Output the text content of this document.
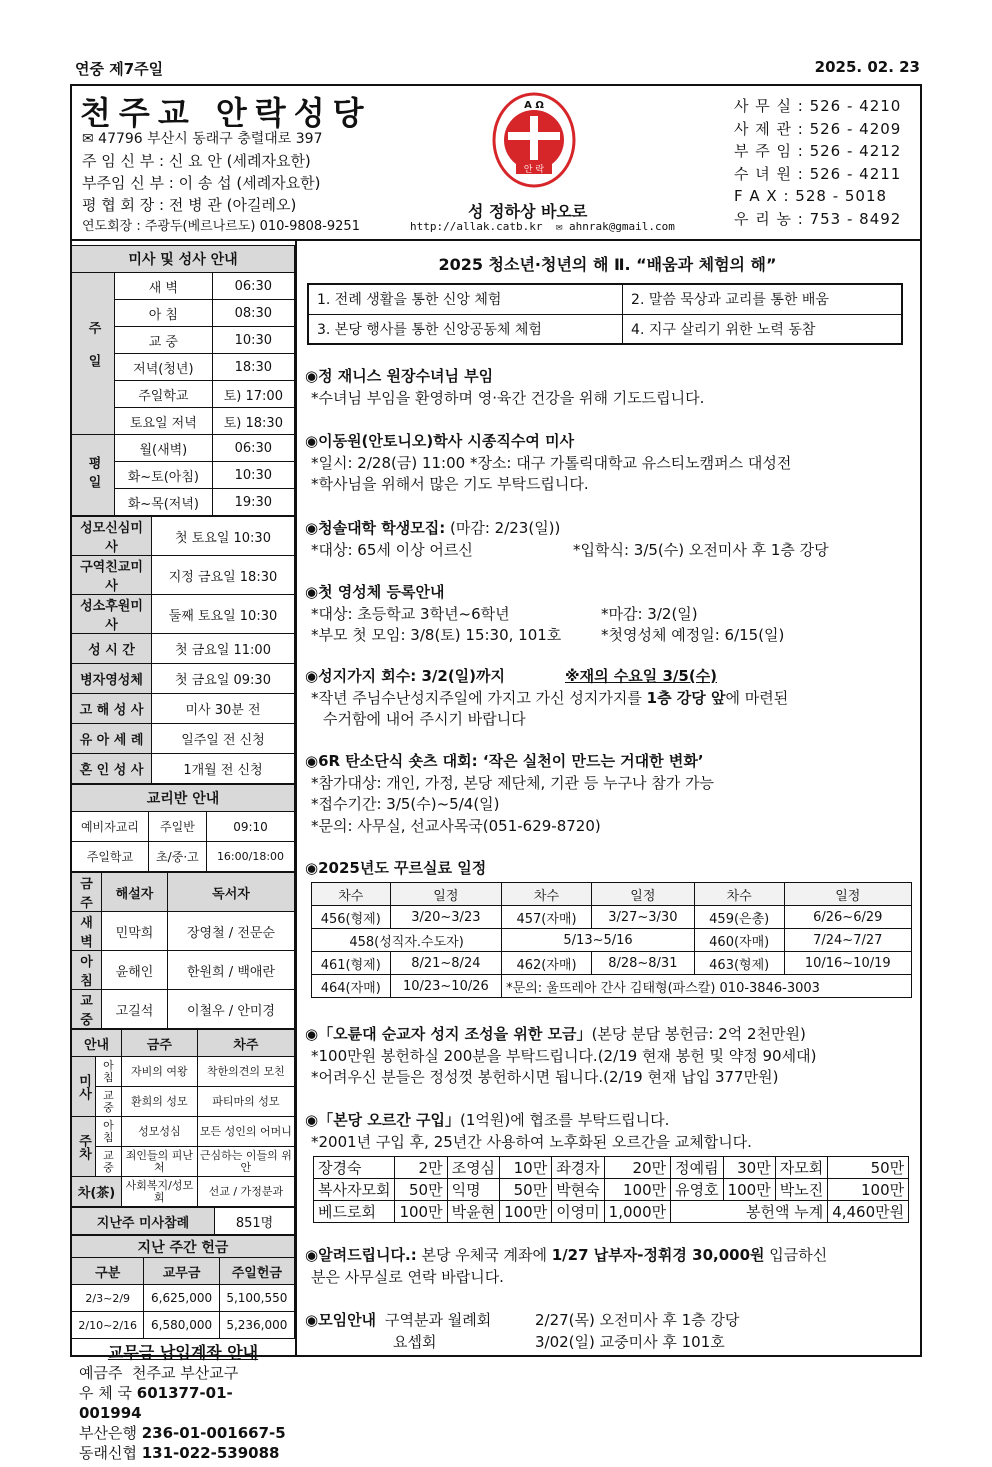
연중 제7주일	2025. 02. 23
천주교 안락성당
✉ 47796 부산시 동래구 충렬대로 397
주 임 신 부 : 신 요 안 (세례자요한)
부주임 신 부 : 이 송 섭 (세례자요한)
평 협 회 장 : 전 병 관 (아길레오)
연도회장 : 주광두(베르나르도) 010-9808-9251
A Ω
안 락
성 정하상 바오로
http://allak.catb.kr ✉ ahnrak@gmail.com
사 무 실 : 526 - 4210
사 제 관 : 526 - 4209
부 주 임 : 526 - 4212
수 녀 원 : 526 - 4211
F A X : 528 - 5018
우 리 농 : 753 - 8492
미사 및 성사 안내		
주일	새 벽	06:30
	아 침	08:30
	교 중	10:30
	저녁(청년)	18:30
	주일학교	토) 17:00
	토요일 저녁	토) 18:30
평일	월(새벽)	06:30
	화~토(아침)	10:30
	화~목(저녁)	19:30
성모신심미사	첫 토요일 10:30
구역친교미사	지정 금요일 18:30
성소후원미사	둘째 토요일 10:30
성 시 간	첫 금요일 11:00
병자영성체	첫 금요일 09:30
고 해 성 사	미사 30분 전
유 아 세 례	일주일 전 신청
혼 인 성 사	1개월 전 신청
교리반 안내		
예비자교리	주일반	09:10
주일학교	초/중·고	16:00/18:00
금주	해설자	독서자
새벽	민막희	장영철 / 전문순
아침	윤해인	한원희 / 백애란
교중	고길석	이철우 / 안미경
안내		금주	차주
미사	아침	자비의 여왕	착한의견의 모친
	교중	환희의 성모	파티마의 성모
주차	아침	성모성심	모든 성인의 어머니
	교중	죄인들의 피난처	근심하는 이들의 위안
차(茶)		사회복지/성모회	선교 / 가정분과
지난주 미사참례	851명
지난 주간 헌금		
구분	교무금	주일헌금
2/3~2/9	6,625,000	5,100,550
2/10~2/16	6,580,000	5,236,000
교무금 납입계좌 안내
예금주 천주교 부산교구
우 체 국 601377-01-001994
부산은행 236-01-001667-5
동래신협 131-022-539088
2025 청소년·청년의 해 Ⅱ. “배움과 체험의 해”
1. 전례 생활을 통한 신앙 체험	2. 말씀 묵상과 교리를 통한 배움
3. 본당 행사를 통한 신앙공동체 체험	4. 지구 살리기 위한 노력 동참
◉정 재니스 원장수녀님 부임
*수녀님 부임을 환영하며 영·육간 건강을 위해 기도드립니다.
◉이동원(안토니오)학사 시종직수여 미사
*일시: 2/28(금) 11:00 *장소: 대구 가톨릭대학교 유스티노캠퍼스 대성전
*학사님을 위해서 많은 기도 부탁드립니다.
◉청솔대학 학생모집: (마감: 2/23(일))
*대상: 65세 이상 어르신	*입학식: 3/5(수) 오전미사 후 1층 강당
◉첫 영성체 등록안내
*대상: 초등학교 3학년~6학년	*마감: 3/2(일)
*부모 첫 모임: 3/8(토) 15:30, 101호	*첫영성체 예정일: 6/15(일)
◉성지가지 회수: 3/2(일)까지	※재의 수요일 3/5(수)
*작년 주님수난성지주일에 가지고 가신 성지가지를 1층 강당 앞에 마련된
수거함에 내어 주시기 바랍니다
◉6R 탄소단식 숏츠 대회: ‘작은 실천이 만드는 거대한 변화’
*참가대상: 개인, 가정, 본당 제단체, 기관 등 누구나 참가 가능
*접수기간: 3/5(수)~5/4(일)
*문의: 사무실, 선교사목국(051-629-8720)
◉2025년도 꾸르실료 일정
차수	일정	차수	일정	차수	일정
456(형제)	3/20~3/23	457(자매)	3/27~3/30	459(은총)	6/26~6/29
458(성직자.수도자)		5/13~5/16		460(자매)	7/24~7/27
461(형제)	8/21~8/24	462(자매)	8/28~8/31	463(형제)	10/16~10/19
464(자매)	10/23~10/26	*문의: 울뜨레아 간사 김태형(파스칼) 010-3846-3003			
◉「오륜대 순교자 성지 조성을 위한 모금」(본당 분담 봉헌금: 2억 2천만원)
*100만원 봉헌하실 200분을 부탁드립니다.(2/19 현재 봉헌 및 약정 90세대)
*어려우신 분들은 정성껏 봉헌하시면 됩니다.(2/19 현재 납입 377만원)
◉「본당 오르간 구입」(1억원)에 협조를 부탁드립니다.
*2001년 구입 후, 25년간 사용하여 노후화된 오르간을 교체합니다.
장경숙	2만	조영심	10만	좌경자	20만	정예림	30만	자모회	50만
복사자모회	50만	익명	50만	박현숙	100만	유영호	100만	박노진	100만
베드로회	100만	박윤현	100만	이영미	1,000만	봉헌액 누계			4,460만원
◉알려드립니다.: 본당 우체국 계좌에 1/27 납부자-정휘경 30,000원 입금하신
분은 사무실로 연락 바랍니다.
◉모임안내 구역분과 월례회	2/27(목) 오전미사 후 1층 강당
요셉회	3/02(일) 교중미사 후 101호
